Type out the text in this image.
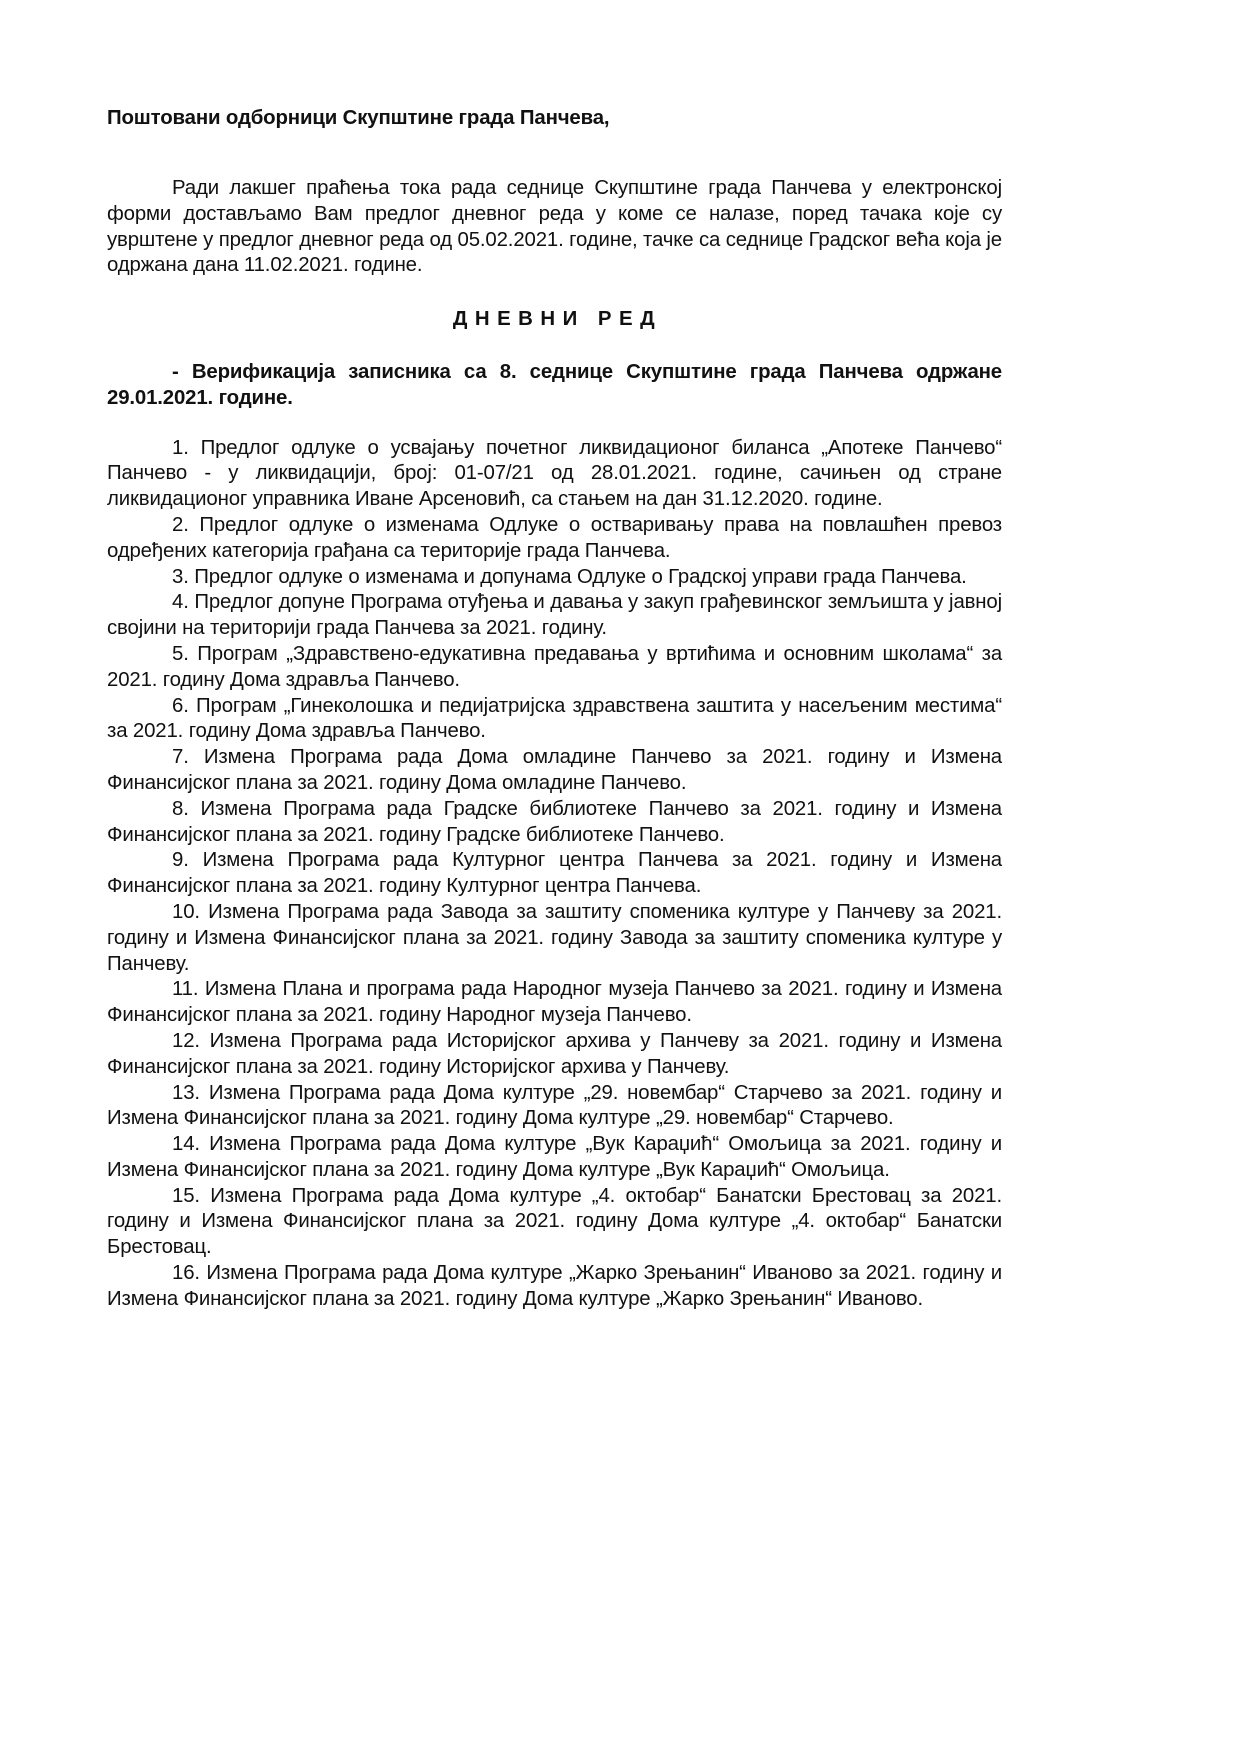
Поштовани одборници Скупштине града Панчева,

Ради лакшег праћења тока рада седнице Скупштине града Панчева у електронској форми достављамо Вам предлог дневног реда у коме се налазе, поред тачака које су уврштене у предлог дневног реда од 05.02.2021. године, тачке са седнице Градског већа која је одржана дана 11.02.2021. године.

ДНЕВНИ РЕД

- Верификација записника са 8. седнице Скупштине града Панчева одржане 29.01.2021. године.

1. Предлог одлуке о усвајању почетног ликвидационог биланса „Апотеке Панчево“ Панчево - у ликвидацији, број: 01-07/21 од 28.01.2021. године, сачињен од стране ликвидационог управника Иване Арсеновић, са стањем на дан 31.12.2020. године.
2. Предлог одлуке о изменама Одлуке о остваривању права на повлашћен превоз одређених категорија грађана са територије града Панчева.
3. Предлог одлуке о изменама и допунама Одлуке о Градској управи града Панчева.
4. Предлог допуне Програма отуђења и давања у закуп грађевинског земљишта у јавној својини на територији града Панчева за 2021. годину.
5. Програм „Здравствено-едукативна предавања у вртићима и основним школама“ за 2021. годину Дома здравља Панчево.
6. Програм „Гинеколошка и педијатријска здравствена заштита у насељеним местима“ за 2021. годину Дома здравља Панчево.
7. Измена Програма рада Дома омладине Панчево за 2021. годину и Измена Финансијског плана за 2021. годину Дома омладине Панчево.
8. Измена Програма рада Градске библиотеке Панчево за 2021. годину и Измена Финансијског плана за 2021. годину Градске библиотеке Панчево.
9. Измена Програма рада Културног центра Панчева за 2021. годину и Измена Финансијског плана за 2021. годину Културног центра Панчева.
10. Измена Програма рада Завода за заштиту споменика културе у Панчеву за 2021. годину и Измена Финансијског плана за 2021. годину Завода за заштиту споменика културе у Панчеву.
11. Измена Плана и програма рада Народног музеја Панчево за 2021. годину и Измена Финансијског плана за 2021. годину Народног музеја Панчево.
12. Измена Програма рада Историјског архива у Панчеву за 2021. годину и Измена Финансијског плана за 2021. годину Историјског архива у Панчеву.
13. Измена Програма рада Дома културе „29. новембар“ Старчево за 2021. годину и Измена Финансијског плана за 2021. годину Дома културе „29. новембар“ Старчево.
14. Измена Програма рада Дома културе „Вук Караџић“ Омољица за 2021. годину и Измена Финансијског плана за 2021. годину Дома културе „Вук Караџић“ Омољица.
15. Измена Програма рада Дома културе „4. октобар“ Банатски Брестовац за 2021. годину и Измена Финансијског плана за 2021. годину Дома културе „4. октобар“ Банатски Брестовац.
16. Измена Програма рада Дома културе „Жарко Зрењанин“ Иваново за 2021. годину и Измена Финансијског плана за 2021. годину Дома културе „Жарко Зрењанин“ Иваново.
